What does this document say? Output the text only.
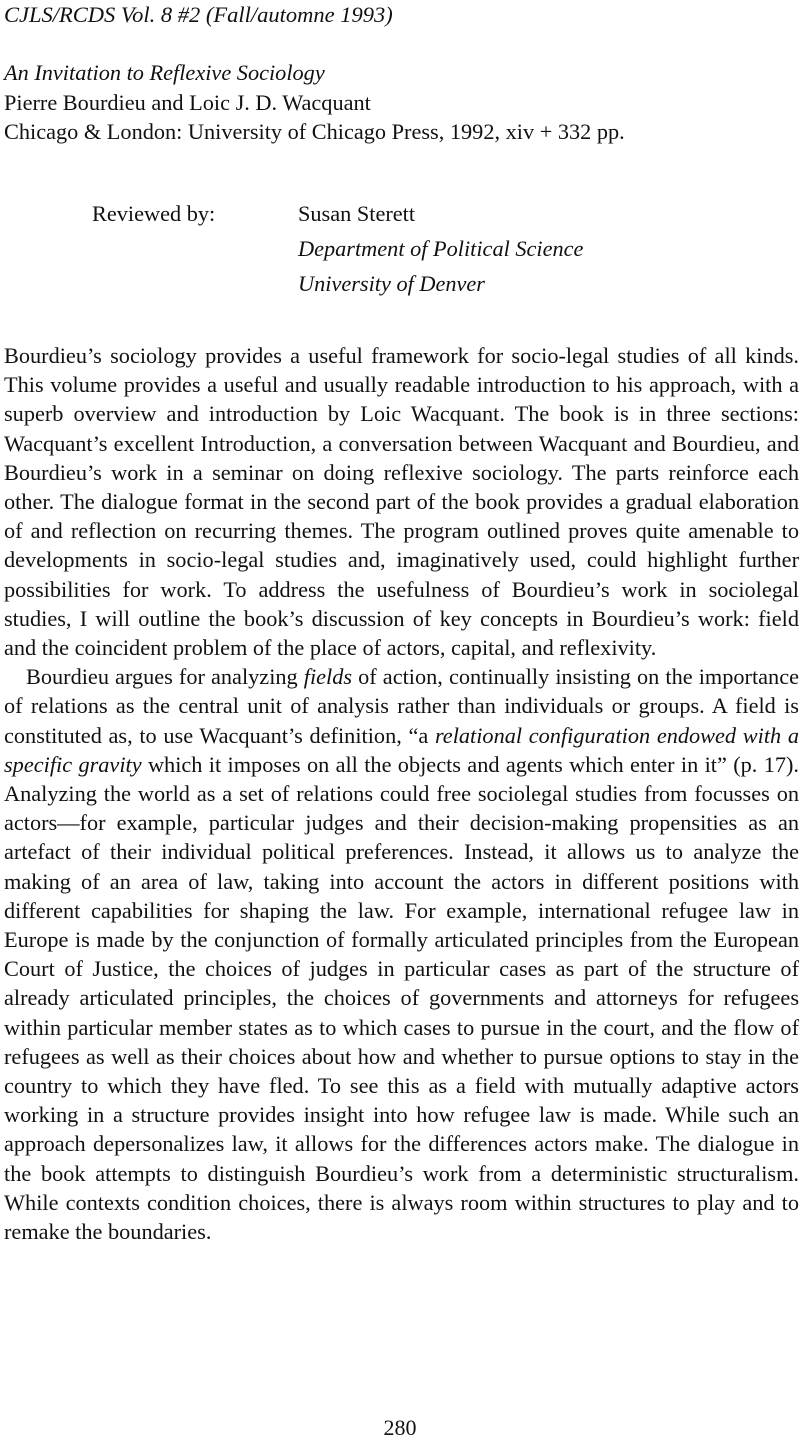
CJLS/RCDS Vol. 8 #2 (Fall/automne 1993)
An Invitation to Reflexive Sociology
Pierre Bourdieu and Loic J. D. Wacquant
Chicago & London: University of Chicago Press, 1992, xiv + 332 pp.
Reviewed by:	Susan Sterett
Department of Political Science
University of Denver

Bourdieu’s sociology provides a useful framework for socio-legal studies of all kinds. This volume provides a useful and usually readable introduction to his approach, with a superb overview and introduction by Loic Wacquant. The book is in three sections: Wacquant’s excellent Introduction, a conversation between Wacquant and Bourdieu, and Bourdieu’s work in a seminar on doing reflexive sociology. The parts reinforce each other. The dialogue format in the second part of the book provides a gradual elaboration of and reflection on recurring themes. The program outlined proves quite amenable to developments in socio-legal studies and, imaginatively used, could highlight further possibilities for work. To address the usefulness of Bourdieu’s work in sociolegal studies, I will outline the book’s discussion of key concepts in Bourdieu’s work: field and the coincident problem of the place of actors, capital, and reflexivity.

Bourdieu argues for analyzing fields of action, continually insisting on the importance of relations as the central unit of analysis rather than individuals or groups. A field is constituted as, to use Wacquant’s definition, “a relational configuration endowed with a specific gravity which it imposes on all the objects and agents which enter in it” (p. 17). Analyzing the world as a set of relations could free sociolegal studies from focusses on actors—for example, particular judges and their decision-making propensities as an artefact of their individual political preferences. Instead, it allows us to analyze the making of an area of law, taking into account the actors in different positions with different capabilities for shaping the law. For example, international refugee law in Europe is made by the conjunction of formally articulated principles from the European Court of Justice, the choices of judges in particular cases as part of the structure of already articulated principles, the choices of governments and attorneys for refugees within particular member states as to which cases to pursue in the court, and the flow of refugees as well as their choices about how and whether to pursue options to stay in the country to which they have fled. To see this as a field with mutually adaptive actors working in a structure provides insight into how refugee law is made. While such an approach depersonalizes law, it allows for the differences actors make. The dialogue in the book attempts to distinguish Bourdieu’s work from a deterministic structuralism. While contexts condition choices, there is always room within structures to play and to remake the boundaries.

280
